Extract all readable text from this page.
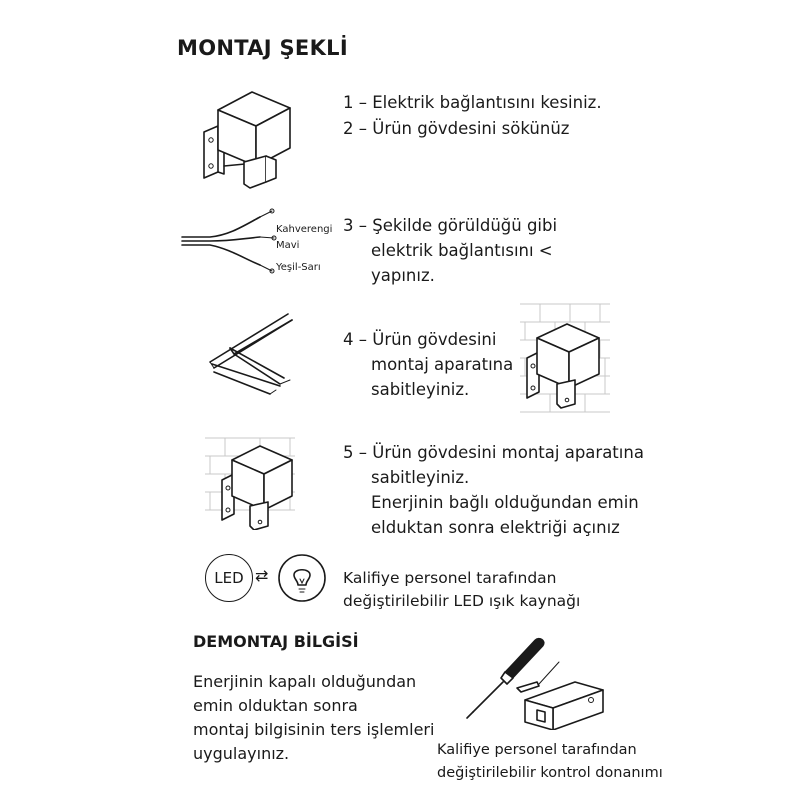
MONTAJ ŞEKLİ
1 – Elektrik bağlantısını kesiniz.
2 – Ürün gövdesini sökünüz
Kahverengi
Mavi
Yeşil-Sarı
3 – Şekilde görüldüğü gibi
elektrik bağlantısını <
yapınız.
4 – Ürün gövdesini
montaj aparatına
sabitleyiniz.
5 – Ürün gövdesini montaj aparatına
sabitleyiniz.
Enerjinin bağlı olduğundan emin
elduktan sonra elektriği açınız
LED ⇄	Kalifiye personel tarafından
değiştirilebilir LED ışık kaynağı
DEMONTAJ BİLGİSİ
Enerjinin kapalı olduğundan
emin olduktan sonra
montaj bilgisinin ters işlemleri
uygulayınız.	Kalifiye personel tarafından
değiştirilebilir kontrol donanımı
